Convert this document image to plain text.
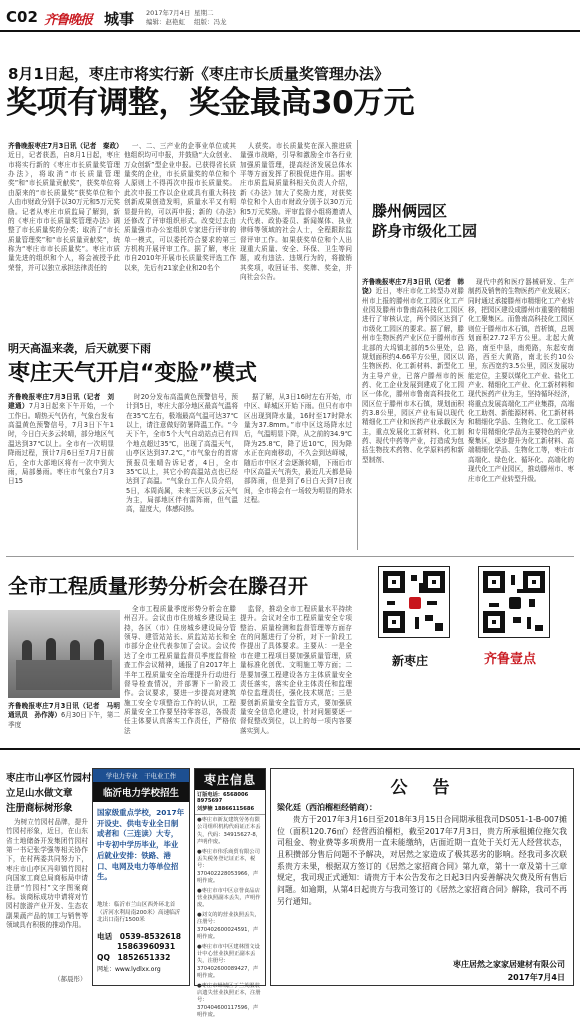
C02 齐鲁晚报 城事 2017年7月4日 星期二
编辑：赵艳虹 组版：冯龙
8月1日起，枣庄市将实行新《枣庄市长质量奖管理办法》
奖项有调整，奖金最高30万元

齐鲁晚报枣庄7月3日讯（记者　秦政）近日，记者获悉，自8月1日起，枣庄市将实行新的《枣庄市长质量奖管理办法》，将取消“市长质量管理奖”和“市长质量贡献奖”，获奖单位将由原来的“市长质量奖”获奖单位和个人由市财政分别予以30万元和5万元奖励。记者从枣庄市质监局了解到，新的《枣庄市市长质量奖管理办法》调整了市长质量奖的分类；取消了“市长质量管理奖”和“市长质量贡献奖”，统称为“枣庄市市长质量奖”。枣庄市质量先进的组织和个人，将会被授予此荣誉，并可以独立承担法律责任的

一、二、三产业的企事业单位或其他组织均可申报，并鼓励“大众创业、万众创新”型企业申报。已获得省长质量奖的企业，市长质量奖的单位和个人原则上不得再次申报市长质量奖。此次申报工作以企业或具有重大科技创新成果创造发明，质量水平又有明显提升的，可以再申报；新的《办法》还修改了评审组织形式。改变过去由质量强市办公室组织专家进行评审的单一模式，可以委托符合要求的第三方机构开展评审工作。据了解，枣庄市自2010年开展市长质量奖评选工作以来，先后有21家企业和20名个

人获奖。市长质量奖在深入推进质量强市战略，引导和激励全市各行业加强质量管理，提高经济发展总体水平等方面发挥了积极促进作用。据枣庄市质监局质量科相关负责人介绍，新《办法》加大了奖励力度，对获奖单位和个人由市财政分别予以30万元和5万元奖励。评审监督小组将邀请人大代表、政协委员、新闻媒体、执业律师等领域的社会人士，全程跟踪监督评审工作。如果获奖单位和个人出现重大质量、安全、环保、卫生等问题，或有违法、违规行为的，将撤销其奖项，收回证书、奖牌、奖金，并向社会公告。

滕州俩园区
跻身市级化工园

齐鲁晚报枣庄7月3日讯（记者　韩饶）近日，枣庄市化工转型办对滕州市上报的滕州市化工园区化工产业园及滕州市鲁南高科技化工园区进行了审核认定，两个园区达到了市级化工园区的要求。据了解，滕州市生物医药产业区位于滕州市西北部的大坞镇北部的5公里处，总规划面积约4.66平方公里，园区以生物医药、化工新材料、新型化工为主导产业，已落户滕州市的医药、化工企业发展到建成了化工园区一体化，滕州市鲁南高科技化工园区位于滕州市木石镇，规划面积约3.8公里，园区产业布局以现代精细化工产业和医药产业承载区为主，重点发展化工新材料、化工制药、现代中药等产业，打造成为包括生物技术药物、化学原料药和新型制剂、

现代中药和医疗器械研发、生产制药及销售的生物医药产业发展区；同时通过承接滕州市精细化工产业转移，把园区建设成滕州市重要的精细化工聚集区。而鲁南高科技化工园区则位于滕州市木石镇，首析镇，总规划面积27.72平方公里。北起大黄路，南至中垦，南苑路，东起安南路，西至大黄路，南北长约10公里，东西宽约3.5公里，园区发展功能定位，主要以煤化工产业、盐化工产业、精细化工产业、化工新材料和现代医药产业为主，坚持循环经济，将重点发展高端化工产业集群，高端化工助剂、新能源材料、化工新材料和精细化学品、生物化工、化工原料和专用精细化学品为主要特色的产业聚集区，逐步提升为化工新材料、高端精细化学品、生物化工等，枣庄市高端化、绿色化、循环化、高端化的现代化工产业园区，推动滕州市、枣庄市化工产业转型升级。

明天高温来袭，后天就要下雨
枣庄天气开启“变脸”模式

齐鲁晚报枣庄7月3日讯（记者　刘建通）7月3日起来下午开始，一个工作日。晴热天气仍有，气象台发布高温黄色预警信号，7月3日下午1时，今日白天多云转晴，部分地区气温达到37℃以上。全市有一次明显降雨过程，预计7月6日至7月7日前后，全市大部地区将有一次中到大雨，局部暴雨。枣庄市气象台7月3日15

时20分发布高温黄色预警信号，预计到5日，枣庄大部分地区最高气温将在35℃左右，极端最高气温可达37℃以上，请注意做好防暑降温工作。“今天下午，全市5个大气自动站点已有四个地点超过35℃，出现了高温天气，山亭区达到37.2℃，”市气象台的首席预报员张晴告诉记者，4日，全市35℃以上，其它小的高温站点也已经达到了高温。“气象台工作人员介绍，5日，本周尚属，未来三天以多云天气为主，局部地区伴有雷阵雨，但气温高，湿度大，体感闷热。

据了解，从3日16时左右开始，市中区、峄城区开始下雨。但只有市中区出现到降水量，16时至17时降水量为37.8mm。”市中区这场降水过后，气温明显下降，从之前的34.9℃降为25.8℃，降了近10℃，因为降水正在向南移动，不久会到达峄城，随后市中区才会逐渐转晴，下雨后市中区高温天气消失，最近几天都是局部阵雨，但是到了6日白天到7日夜间，全市将会有一场较为明显的降水过程。

全市工程质量形势分析会在滕召开

齐鲁晚报枣庄7月3日讯（记者　马明　通讯员　孙作涛）6月30日下午，第二季度

全市工程质量季度形势分析会在滕州召开。会议由市住房城乡建设局主持，各区（市）住房城乡建设局分管领导、建管站站长、质监站站长和全市部分企业代表参加了会议。会议传达了全市工程质量监督员季度监督检查工作会议精神，通报了自2017年上半年工程质量安全治理提升行动进行督导检查情况，并部署下一阶段工作。会议要求，要进一步提高对建筑施工安全专项整治工作的认识，工程质量安全工作要坚持零容忍，各级责任主体要认真落实工作责任，严格依法

监督，推动全市工程质量水平持续提升。会议对全市工程质量安全专项整治、质量检测和监督管理等方面存在的问题进行了分析，对下一阶段工作提出了具体要求。主要从：一是全市在建工程项目要加强质量管理，质量标准化创优、文明施工等方面；二是要加强工程建设各方主体质量安全责任落实，落实企业主体责任和监理单位监理责任，强化技术规范；三是要创新质量安全监管方式，要加强质量安全信息化建设，针对问题要逐一督促整改到位，以上的每一项内容要落实到人。

新枣庄	齐鲁壹点
枣庄市山亭区竹园村
立足山水做文章
注册商标树形象

为树立竹园村品牌，提升竹园村形象，近日，在山东省土地储备开发集团竹园村第一书记张学强等相关协作下，在村两委共同努力下，枣庄市山亭区冯卯镇竹园村向国家工商总局商标局申请注册“竹园村”文字图案商标。该商标成功申请将对竹园村旅游产业开发、生态农副果蔬产品的加工与销售等领域具有积极的推动作用。

（郝晨彤）
学电力专业　干电业工作
临沂电力学校招生
国家级重点学校，2017年开设史、供电专业全日制或者和（三连读）大专，中专初中学历毕业，毕业后就业安排：铁路、港口、电网及电力等单位招生。
地址：临沂市兰山区西外环北首（沂河水利局南200米）高速临沂北出口南行1500米
电话　 0539-8532618
15863960931
QQ　 1852651332
网址：www.lydlxx.org
枣庄信息
订版电话：6568006 8975697
刘梦楠 18866115686
●枣庄市新友建筑劳务有限公司组织机构代码证正本丢失，代码：34915627-8，声明作废。
●枣庄市伟乐商贸有限公司丢失税务登记证正本，税号：370402228053966，声明作废。
●枣庄市市中区京誉食品店营业执照副本丢失，声明作废。
●刘文的的营业执照丢失，注册号：370402600024591，声明作废。
●枣庄市市中区建林图文设计中心营业执照正副本丢失，注册号：370402600089427，声明作废。
●枣庄市峄城区丁兰英服装店遗失营业执照正本，注册号：370404600117596，声明作废。
公　告
梁化廷（西泊榴柜经销商）：
贵方于2017年3月16日至2018年3月15日合同期承租我司DS051-1-B-007摊位（面积120.76㎡）经营西泊榴柜，截至2017年7月3日，贵方所承租摊位拖欠我司租金、物业费等多项费用一直未能缴纳，店面近期一直处于关灯无人经营状态，且积攒部分售后问题不予解决，对居然之家造成了极其恶劣的影响。经我司多次联系贵方未果，根据双方签订的《居然之家招商合同》第九章，第十一章及第十三章规定，我司现正式通知：请贵方于本公告发布之日起3日内妥善解决欠费及所有售后问题。如逾期，从第4日起贵方与我司签订的《居然之家招商合同》解除，我司不再另行通知。
枣庄居然之家家居建材有限公司
2017年7月4日
